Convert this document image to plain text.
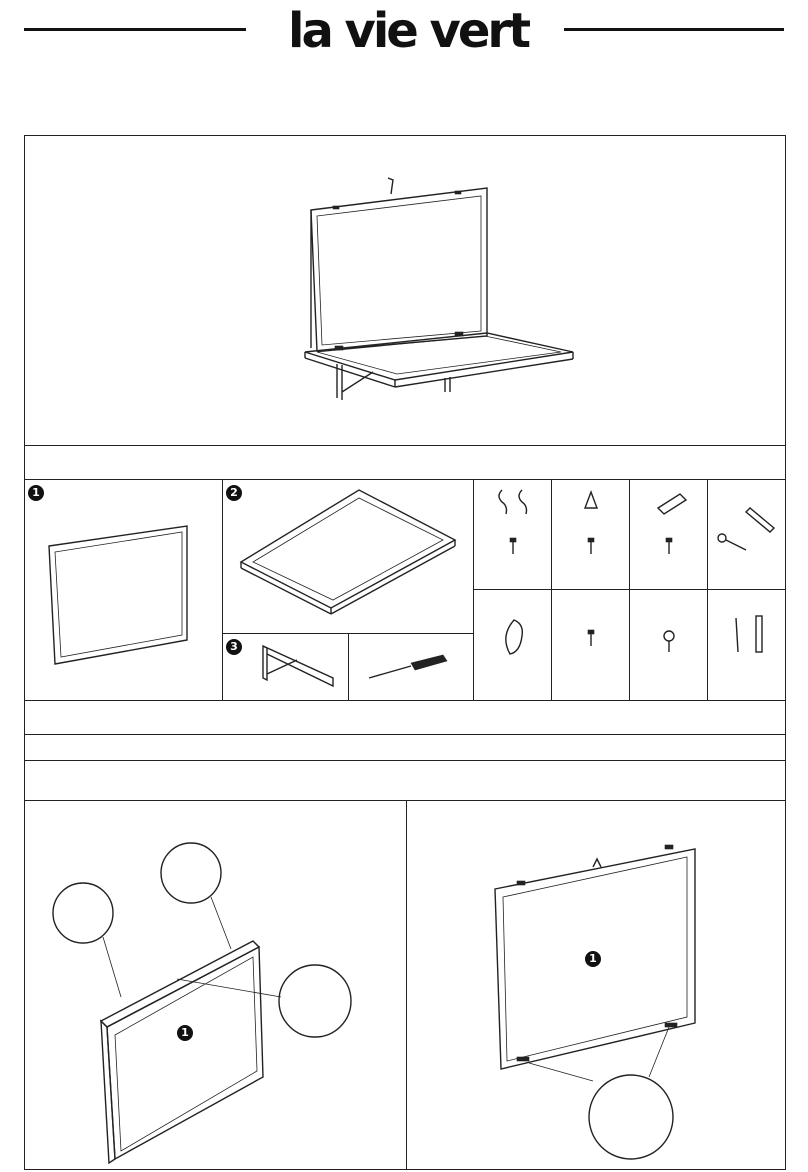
la vie vert
1	2
3
1
1
